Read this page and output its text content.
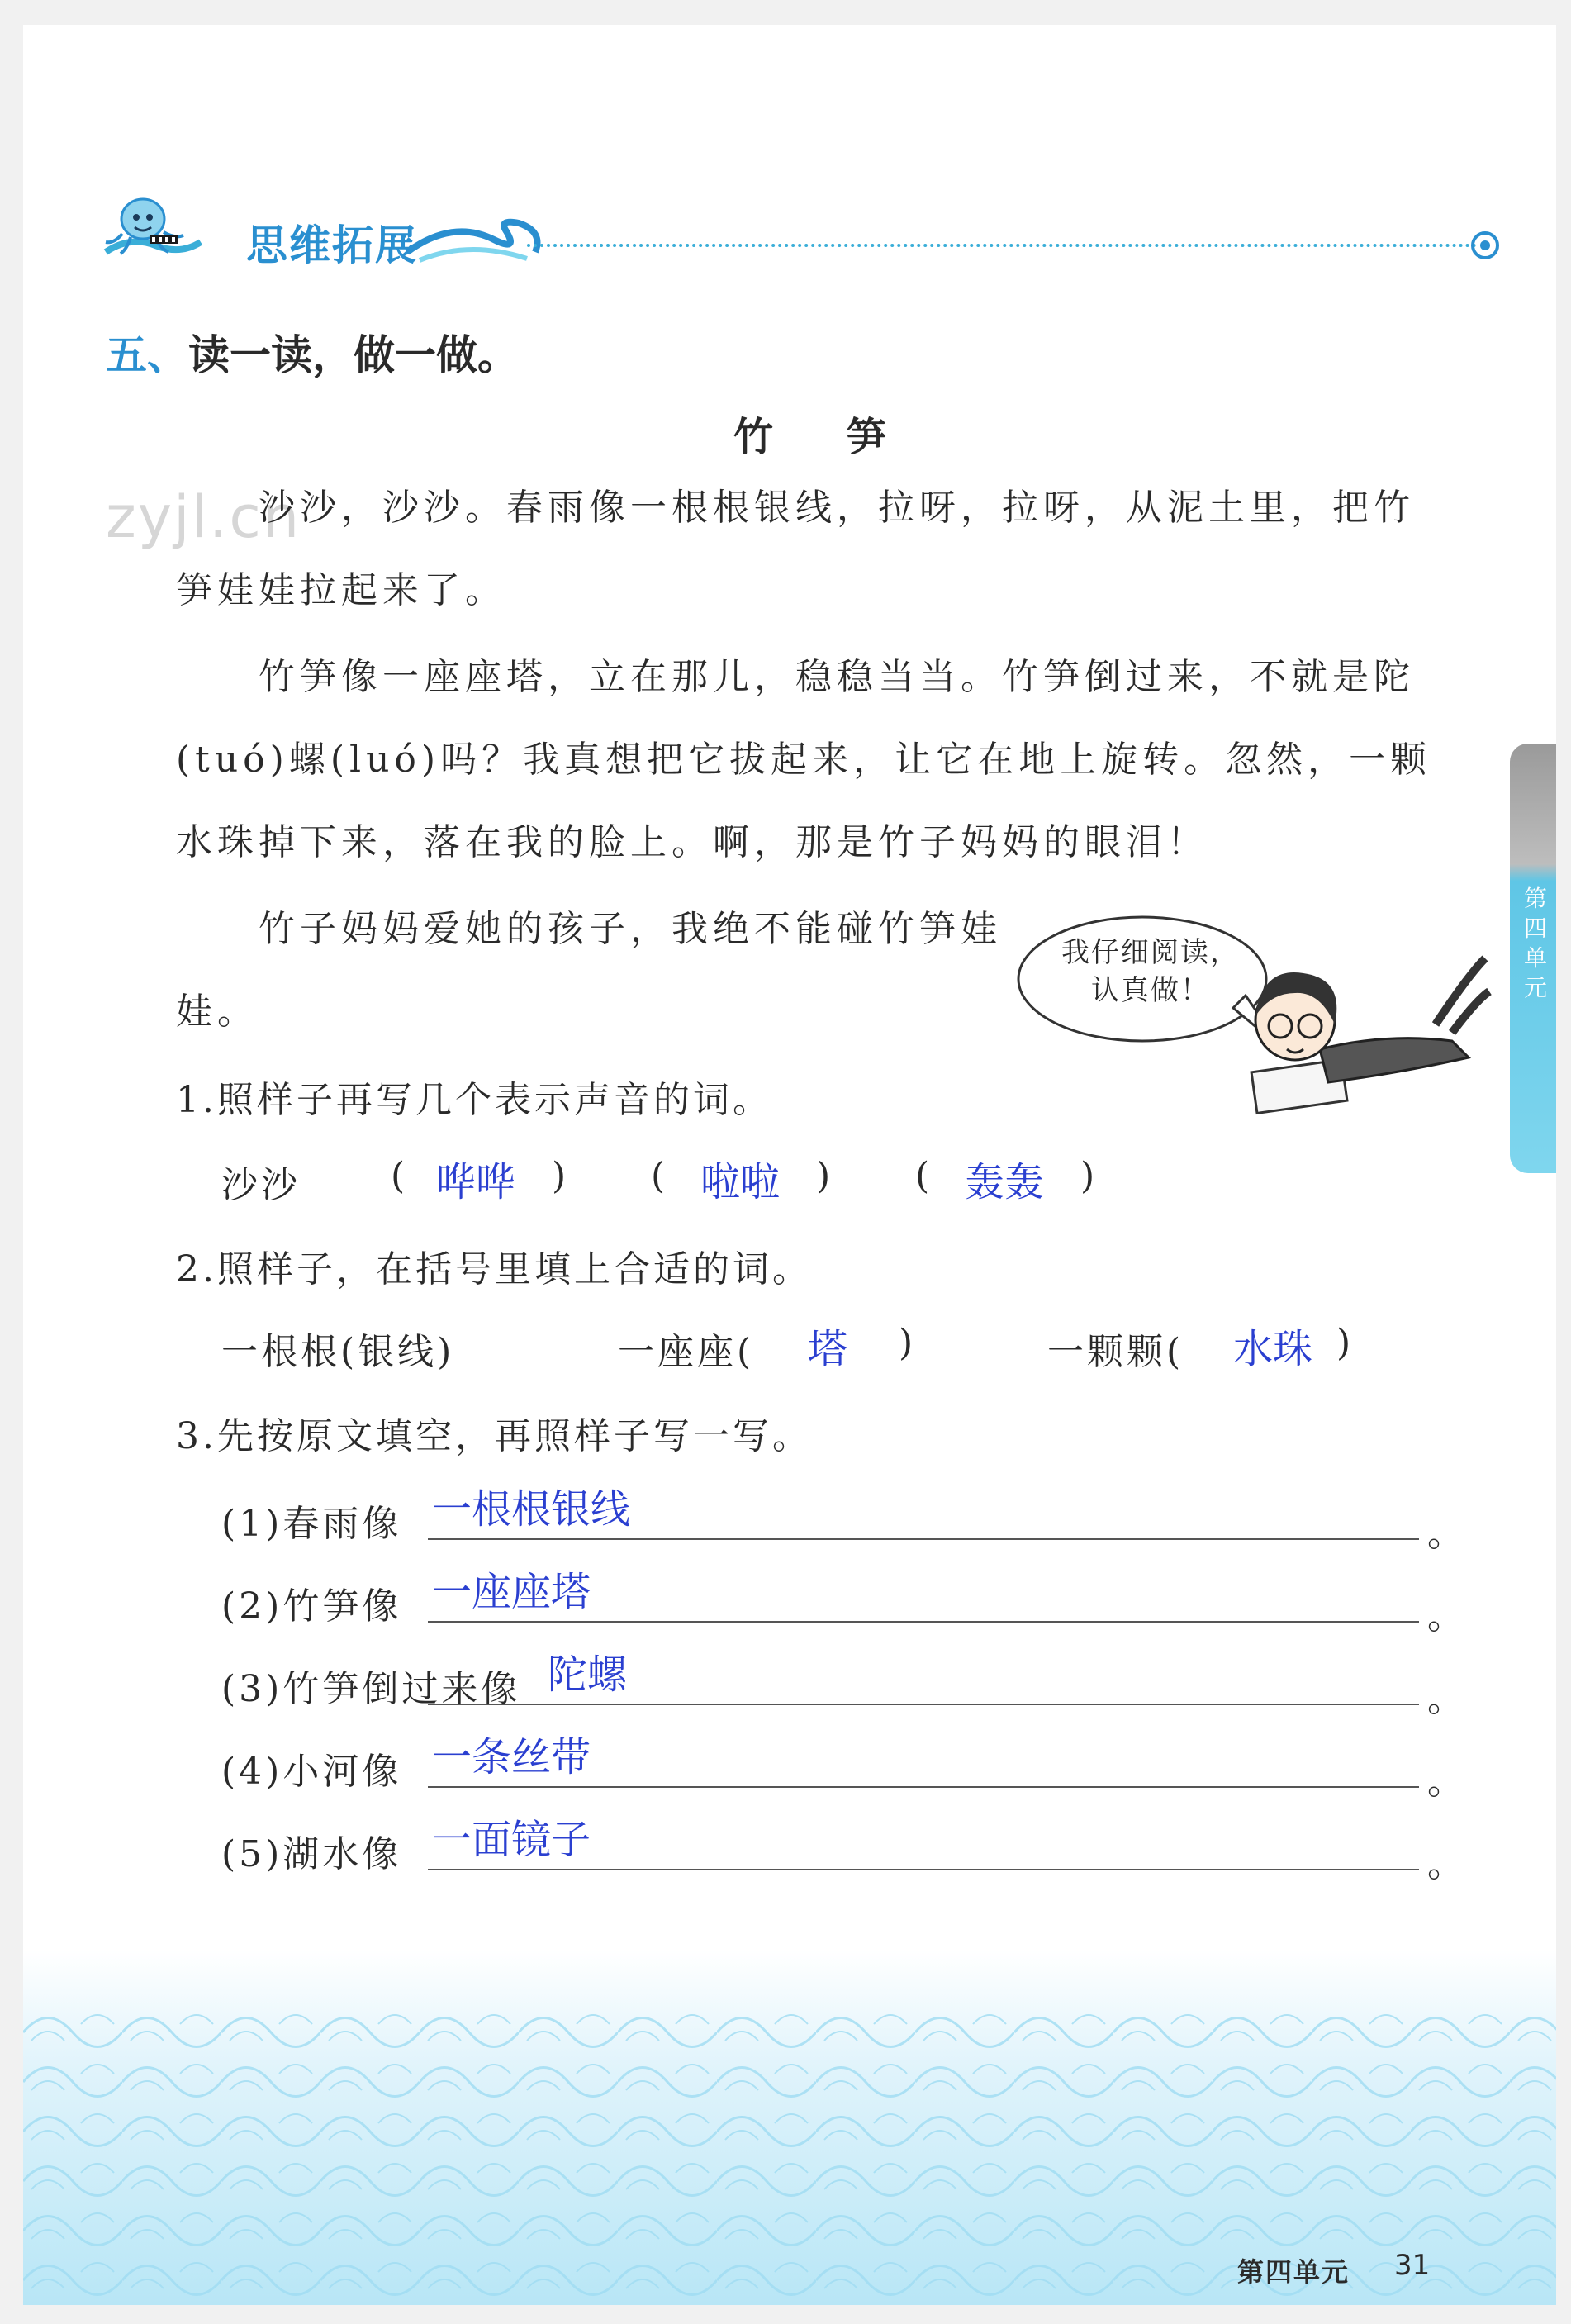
思维拓展
五、读一读，做一做。
竹 笋
zyjl.cn

沙沙，沙沙。春雨像一根根银线，拉呀，拉呀，从泥土里，把竹笋娃娃拉起来了。

竹笋像一座座塔，立在那儿，稳稳当当。竹笋倒过来，不就是陀(tuó)螺(luó)吗？我真想把它拔起来，让它在地上旋转。忽然，一颗水珠掉下来，落在我的脸上。啊，那是竹子妈妈的眼泪！

竹子妈妈爱她的孩子，我绝不能碰竹笋娃娃。

我仔细阅读，认真做！
第四单元

1.照样子再写几个表示声音的词。

沙沙 ( 哗哗 ) ( 啦啦 ) ( 轰轰 )

2.照样子，在括号里填上合适的词。

一根根(银线)	一座座( 塔 )	一颗颗( 水珠 )

3.先按原文填空，再照样子写一写。

(1)春雨像 一根根银线
。
(2)竹笋像 一座座塔
。
(3)竹笋倒过来像 陀螺
。
(4)小河像 一条丝带
。
(5)湖水像 一面镜子
。
第四单元 31
